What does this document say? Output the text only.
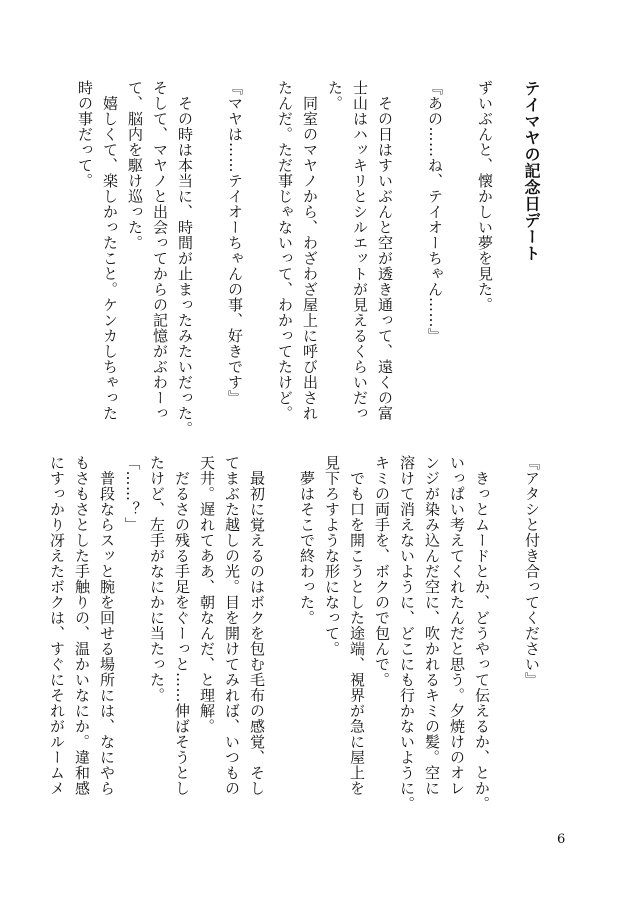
テイマヤの記念日デート
ずいぶんと、懐かしい夢を見た。

『あの……ね、テイオーちゃん……』

　その日はすいぶんと空が透き通って、遠くの富
士山はハッキリとシルエットが見えるくらいだっ
た。
　同室のマヤノから、わざわざ屋上に呼び出され
たんだ。ただ事じゃないって、わかってたけど。

『マヤは……テイオーちゃんの事、好きです』

　その時は本当に、時間が止まったみたいだった。
そして、マヤノと出会ってからの記憶がぶわーっ
て、脳内を駆け巡った。
　嬉しくて、楽しかったこと。ケンカしちゃった
時の事だって。
『アタシと付き合ってください』

　きっとムードとか、どうやって伝えるか、とか。
いっぱい考えてくれたんだと思う。夕焼けのオレ
ンジが染み込んだ空に、吹かれるキミの髪。空に
溶けて消えないように、どこにも行かないように。
キミの両手を、ボクので包んで。
　でも口を開こうとした途端、視界が急に屋上を
見下ろすような形になって。
　夢はそこで終わった。

　最初に覚えるのはボクを包む毛布の感覚、そし
てまぶた越しの光。目を開けてみれば、いつもの
天井。遅れてああ、朝なんだ、と理解。
　だるさの残る手足をぐーっと……伸ばそうとし
たけど、左手がなにかに当たった。
「……？」
　普段ならスッと腕を回せる場所には、なにやら
もさもさとした手触りの、温かいなにか。違和感
にすっかり冴えたボクは、すぐにそれがルームメ
6
